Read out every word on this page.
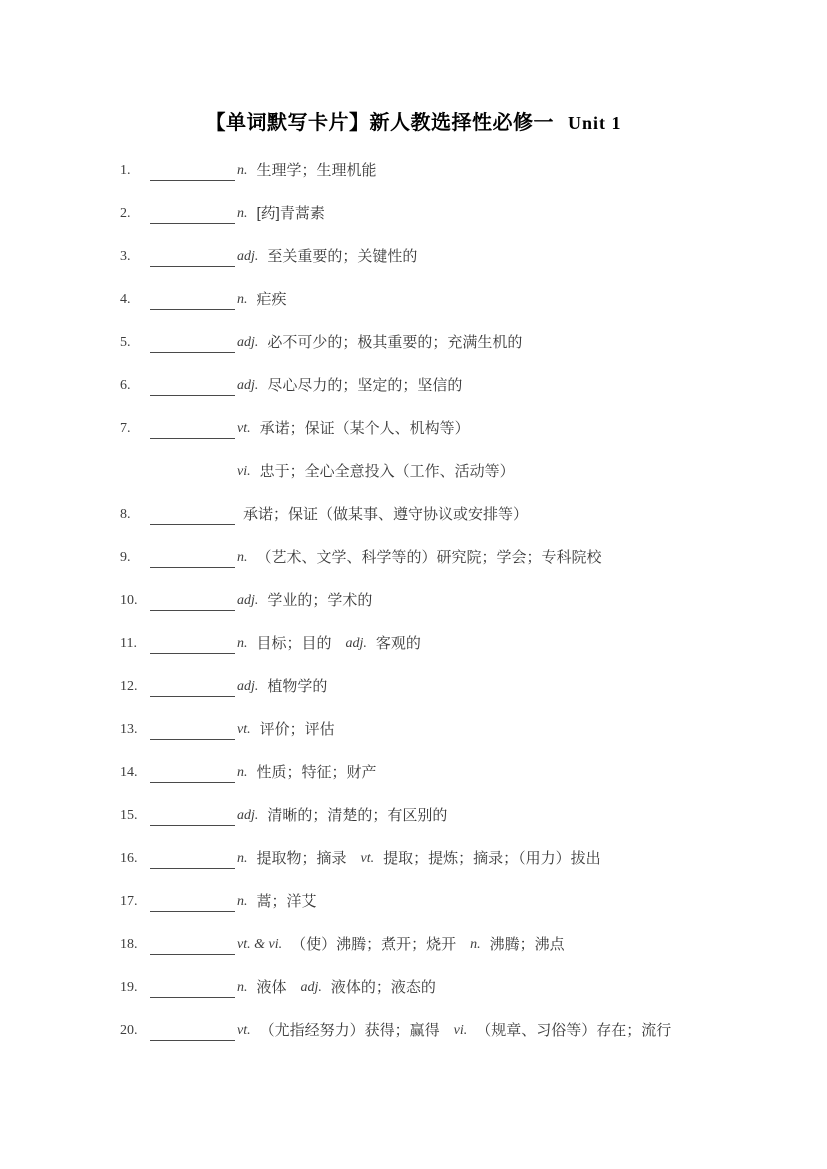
【单词默写卡片】新人教选择性必修一 Unit 1
1.	n. 生理学；生理机能
2.	n. [药]青蒿素
3.	adj. 至关重要的；关键性的
4.	n. 疟疾
5.	adj. 必不可少的；极其重要的；充满生机的
6.	adj. 尽心尽力的；坚定的；坚信的
7.	vt. 承诺；保证（某个人、机构等）
vi. 忠于；全心全意投入（工作、活动等）
8.	承诺；保证（做某事、遵守协议或安排等）
9.	n. （艺术、文学、科学等的）研究院；学会；专科院校
10.	adj. 学业的；学术的
11.	n. 目标；目的 adj. 客观的
12.	adj. 植物学的
13.	vt. 评价；评估
14.	n. 性质；特征；财产
15.	adj. 清晰的；清楚的；有区别的
16.	n. 提取物；摘录 vt. 提取；提炼；摘录；（用力）拔出
17.	n. 蒿；洋艾
18.	vt. & vi. （使）沸腾；煮开；烧开 n. 沸腾；沸点
19.	n. 液体 adj. 液体的；液态的
20.	vt. （尤指经努力）获得；赢得 vi. （规章、习俗等）存在；流行
